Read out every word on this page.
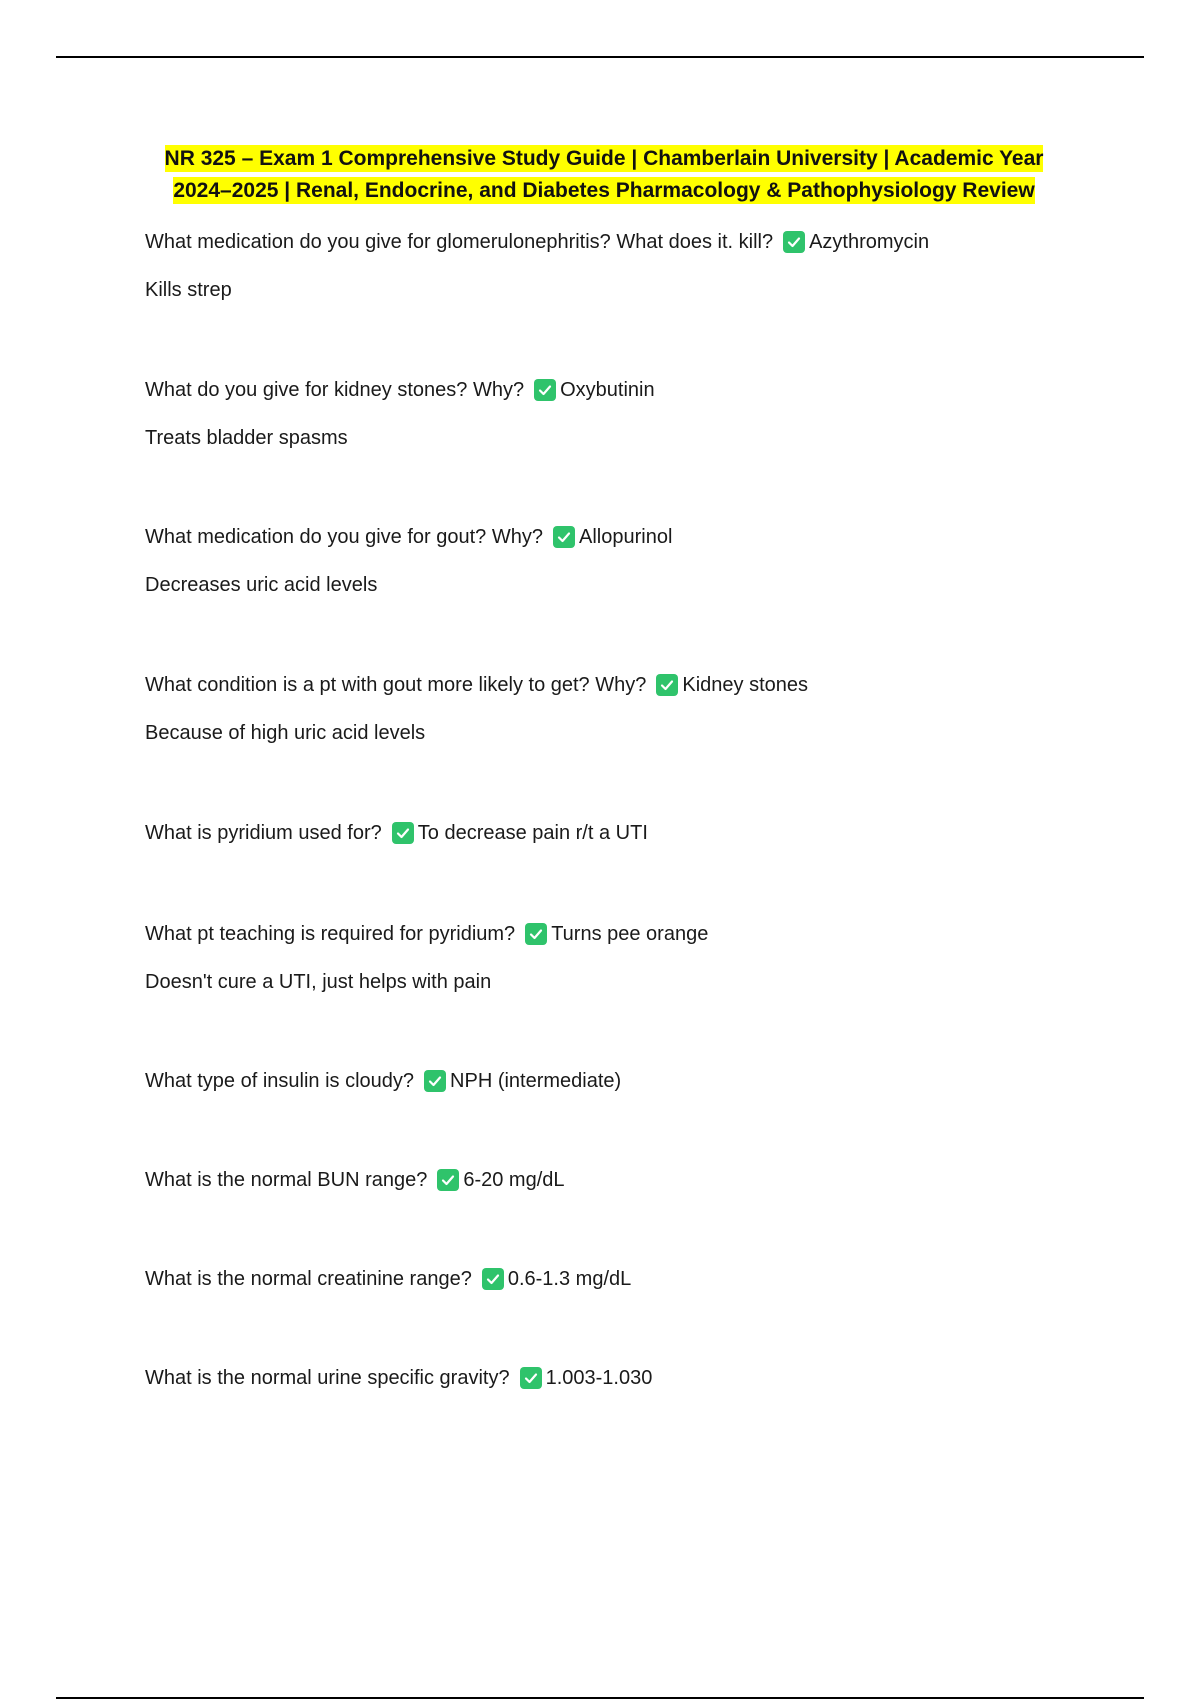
NR 325 – Exam 1 Comprehensive Study Guide | Chamberlain University | Academic Year
2024–2025 | Renal, Endocrine, and Diabetes Pharmacology & Pathophysiology Review
What medication do you give for glomerulonephritis? What does it. kill? Azythromycin
Kills strep
What do you give for kidney stones? Why? Oxybutinin
Treats bladder spasms
What medication do you give for gout? Why? Allopurinol
Decreases uric acid levels
What condition is a pt with gout more likely to get? Why? Kidney stones
Because of high uric acid levels
What is pyridium used for? To decrease pain r/t a UTI
What pt teaching is required for pyridium? Turns pee orange
Doesn't cure a UTI, just helps with pain
What type of insulin is cloudy? NPH (intermediate)
What is the normal BUN range? 6-20 mg/dL
What is the normal creatinine range? 0.6-1.3 mg/dL
What is the normal urine specific gravity? 1.003-1.030
